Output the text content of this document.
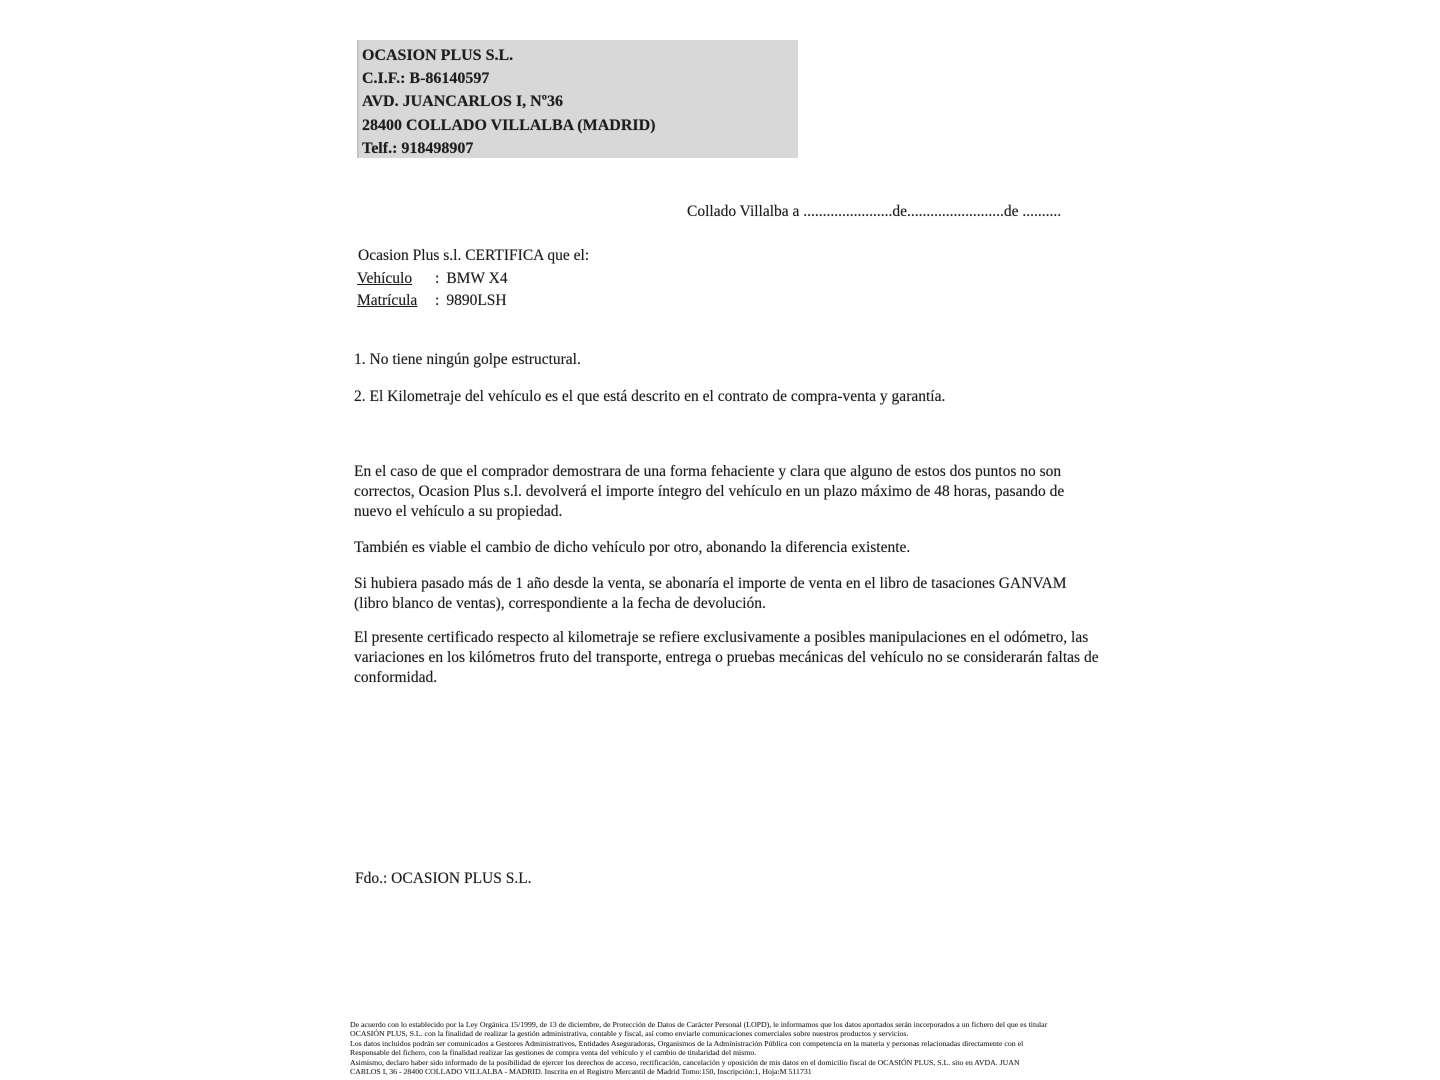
OCASION PLUS S.L.
C.I.F.: B-86140597
AVD. JUANCARLOS I, Nº36
28400 COLLADO VILLALBA (MADRID)
Telf.: 918498907
Collado Villalba a .......................de.........................de ..........
Ocasion Plus s.l. CERTIFICA que el:
Vehículo : BMW X4
Matrícula : 9890LSH
1. No tiene ningún golpe estructural.
2. El Kilometraje del vehículo es el que está descrito en el contrato de compra-venta y garantía.
En el caso de que el comprador demostrara de una forma fehaciente y clara que alguno de estos dos puntos no son correctos, Ocasion Plus s.l. devolverá el importe íntegro del vehículo en un plazo máximo de 48 horas, pasando de nuevo el vehículo a su propiedad.
También es viable el cambio de dicho vehículo por otro, abonando la diferencia existente.
Si hubiera pasado más de 1 año desde la venta, se abonaría el importe de venta en el libro de tasaciones GANVAM (libro blanco de ventas), correspondiente a la fecha de devolución.
El presente certificado respecto al kilometraje se refiere exclusivamente a posibles manipulaciones en el odómetro, las variaciones en los kilómetros fruto del transporte, entrega o pruebas mecánicas del vehículo no se considerarán faltas de conformidad.
Fdo.: OCASION PLUS S.L.
De acuerdo con lo establecido por la Ley Orgánica 15/1999, de 13 de diciembre, de Protección de Datos de Carácter Personal (LOPD), le informamos que los datos aportados serán incorporados a un fichero del que es titular
OCASIÓN PLUS, S.L. con la finalidad de realizar la gestión administrativa, contable y fiscal, así como enviarle comunicaciones comerciales sobre nuestros productos y servicios.
Los datos incluidos podrán ser comunicados a Gestores Administrativos, Entidades Aseguradoras, Organismos de la Administración Pública con competencia en la materia y personas relacionadas directamente con el
Responsable del fichero, con la finalidad realizar las gestiones de compra venta del vehículo y el cambio de titularidad del mismo.
Asimismo, declaro haber sido informado de la posibilidad de ejercer los derechos de acceso, rectificación, cancelación y oposición de mis datos en el domicilio fiscal de OCASIÓN PLUS, S.L. sito en AVDA. JUAN
CARLOS I, 36 - 28400 COLLADO VILLALBA - MADRID. Inscrita en el Registro Mercantil de Madrid Tomo:150, Inscripción:1, Hoja:M 511731
